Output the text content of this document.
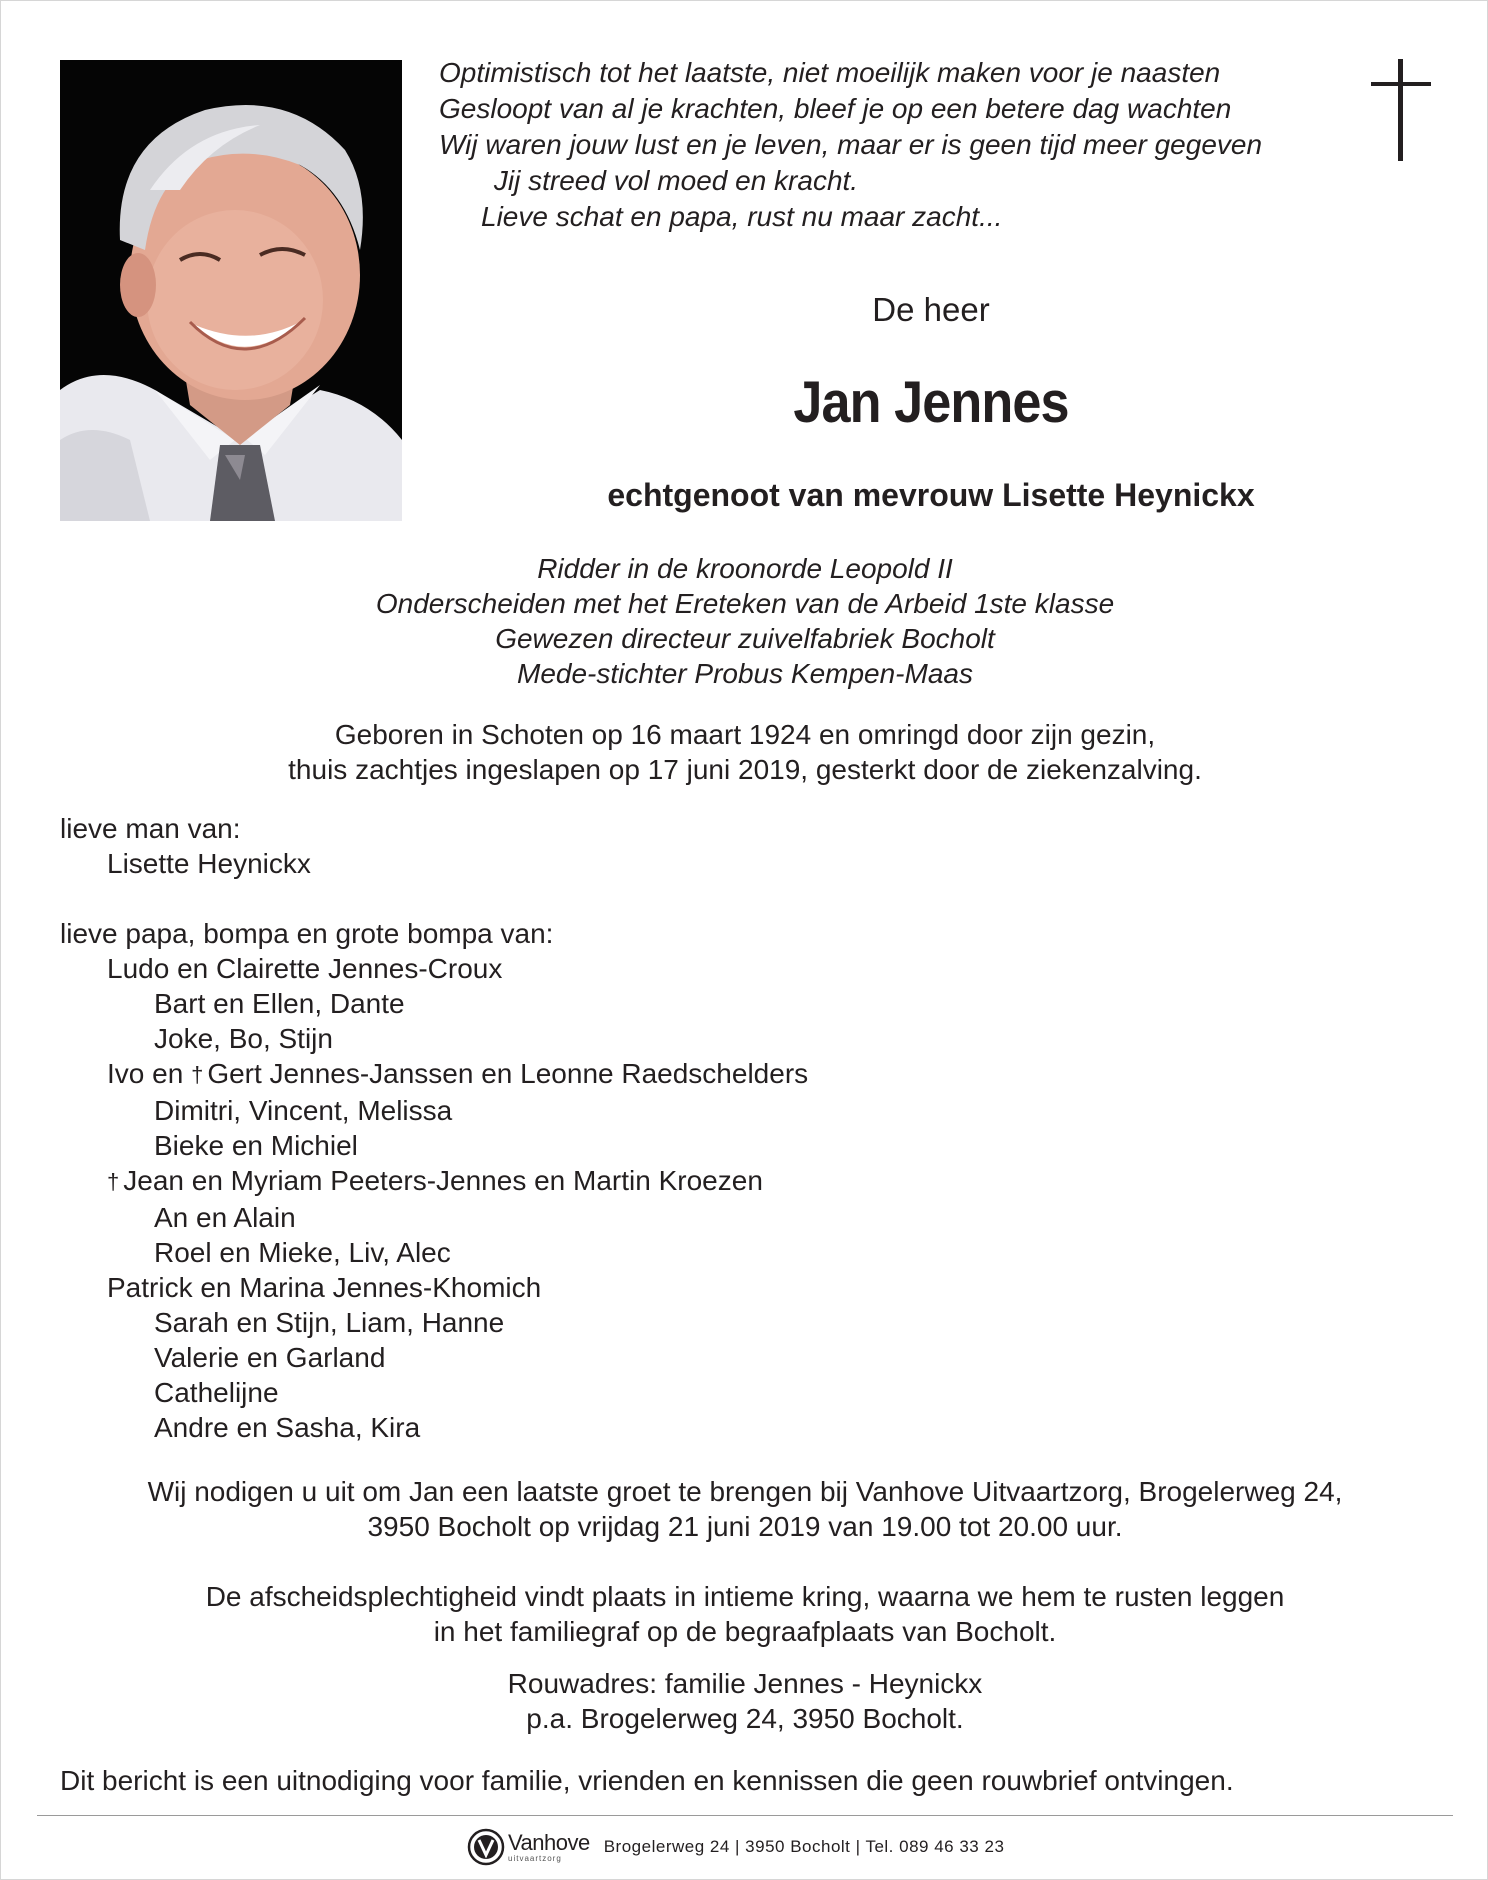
Optimistisch tot het laatste, niet moeilijk maken voor je naasten
Gesloopt van al je krachten, bleef je op een betere dag wachten
Wij waren jouw lust en je leven, maar er is geen tijd meer gegeven
Jij streed vol moed en kracht.
Lieve schat en papa, rust nu maar zacht...
De heer
Jan Jennes
echtgenoot van mevrouw Lisette Heynickx
Ridder in de kroonorde Leopold II
Onderscheiden met het Ereteken van de Arbeid 1ste klasse
Gewezen directeur zuivelfabriek Bocholt
Mede-stichter Probus Kempen-Maas
Geboren in Schoten op 16 maart 1924 en omringd door zijn gezin,
thuis zachtjes ingeslapen op 17 juni 2019, gesterkt door de ziekenzalving.
lieve man van:
Lisette Heynickx
lieve papa, bompa en grote bompa van:
Ludo en Clairette Jennes-Croux
Bart en Ellen, Dante
Joke, Bo, Stijn
Ivo en † Gert Jennes-Janssen en Leonne Raedschelders
Dimitri, Vincent, Melissa
Bieke en Michiel
† Jean en Myriam Peeters-Jennes en Martin Kroezen
An en Alain
Roel en Mieke, Liv, Alec
Patrick en Marina Jennes-Khomich
Sarah en Stijn, Liam, Hanne
Valerie en Garland
Cathelijne
Andre en Sasha, Kira
Wij nodigen u uit om Jan een laatste groet te brengen bij Vanhove Uitvaartzorg, Brogelerweg 24,
3950 Bocholt op vrijdag 21 juni 2019 van 19.00 tot 20.00 uur.
De afscheidsplechtigheid vindt plaats in intieme kring, waarna we hem te rusten leggen
in het familiegraf op de begraafplaats van Bocholt.
Rouwadres: familie Jennes - Heynickx
p.a. Brogelerweg 24, 3950 Bocholt.
Dit bericht is een uitnodiging voor familie, vrienden en kennissen die geen rouwbrief ontvingen.
Vanhove
uitvaartzorg
Brogelerweg 24 | 3950 Bocholt | Tel. 089 46 33 23
